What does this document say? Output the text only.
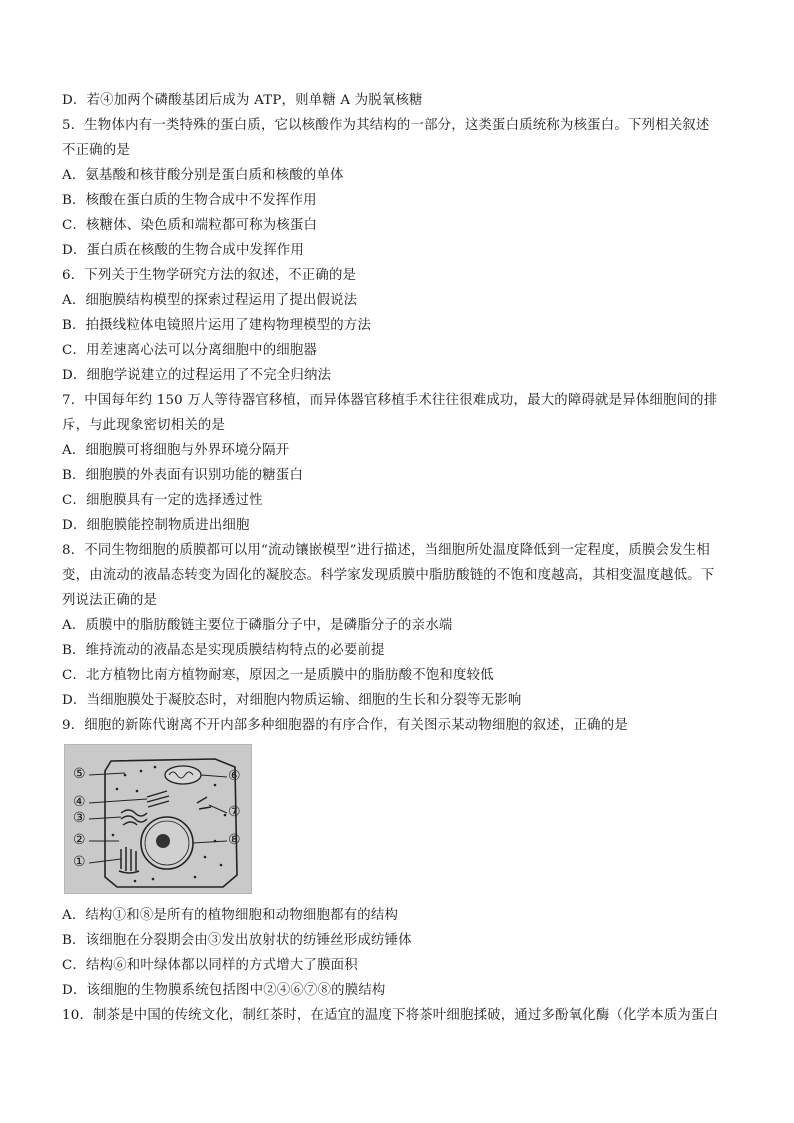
D．若④加两个磷酸基团后成为 ATP，则单糖 A 为脱氧核糖
5．生物体内有一类特殊的蛋白质，它以核酸作为其结构的一部分，这类蛋白质统称为核蛋白。下列相关叙述
不正确的是
A．氨基酸和核苷酸分别是蛋白质和核酸的单体
B．核酸在蛋白质的生物合成中不发挥作用
C．核糖体、染色质和端粒都可称为核蛋白
D．蛋白质在核酸的生物合成中发挥作用
6．下列关于生物学研究方法的叙述，不正确的是
A．细胞膜结构模型的探索过程运用了提出假说法
B．拍摄线粒体电镜照片运用了建构物理模型的方法
C．用差速离心法可以分离细胞中的细胞器
D．细胞学说建立的过程运用了不完全归纳法
7．中国每年约 150 万人等待器官移植，而异体器官移植手术往往很难成功，最大的障碍就是异体细胞间的排
斥，与此现象密切相关的是
A．细胞膜可将细胞与外界环境分隔开
B．细胞膜的外表面有识别功能的糖蛋白
C．细胞膜具有一定的选择透过性
D．细胞膜能控制物质进出细胞
8．不同生物细胞的质膜都可以用“流动镶嵌模型”进行描述，当细胞所处温度降低到一定程度，质膜会发生相
变，由流动的液晶态转变为固化的凝胶态。科学家发现质膜中脂肪酸链的不饱和度越高，其相变温度越低。下
列说法正确的是
A．质膜中的脂肪酸链主要位于磷脂分子中，是磷脂分子的亲水端
B．维持流动的液晶态是实现质膜结构特点的必要前提
C．北方植物比南方植物耐寒，原因之一是质膜中的脂肪酸不饱和度较低
D．当细胞膜处于凝胶态时，对细胞内物质运输、细胞的生长和分裂等无影响
9．细胞的新陈代谢离不开内部多种细胞器的有序合作，有关图示某动物细胞的叙述，正确的是
⑤
④
③
②
①
⑥
⑦
⑧
A．结构①和⑧是所有的植物细胞和动物细胞都有的结构
B．该细胞在分裂期会由③发出放射状的纺锤丝形成纺锤体
C．结构⑥和叶绿体都以同样的方式增大了膜面积
D．该细胞的生物膜系统包括图中②④⑥⑦⑧的膜结构
10．制茶是中国的传统文化，制红茶时，在适宜的温度下将茶叶细胞揉破，通过多酚氧化酶（化学本质为蛋白
